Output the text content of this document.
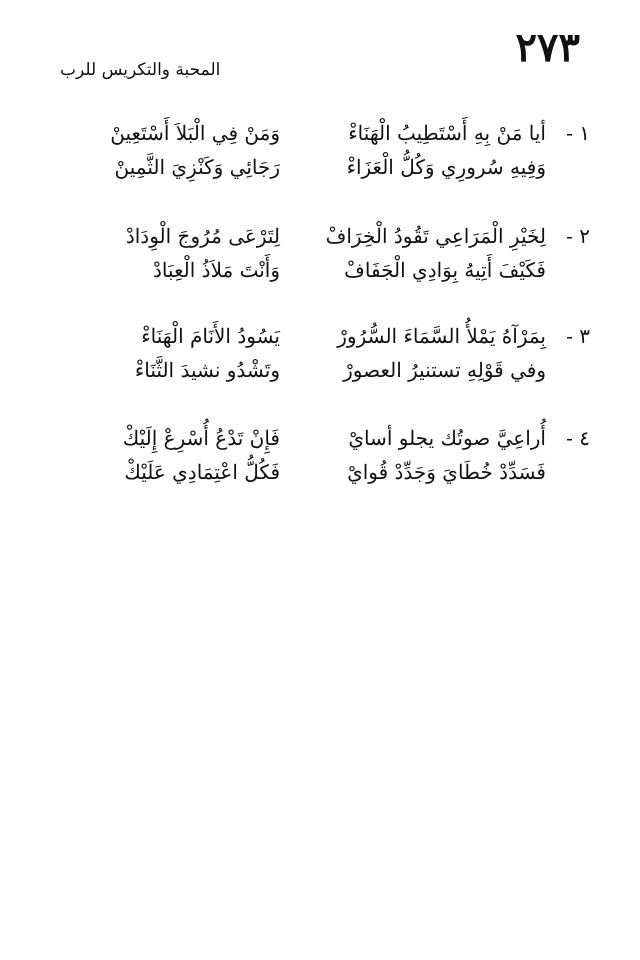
٢٧٣
المحبة والتكريس للرب
١ -
أيا مَنْ بِهِ أَسْتَطِيبُ الْهَنَاءْ
وَمَنْ فِي الْبَلاَ أَسْتَعِينْ
وَفِيهِ سُرورِي وَكُلُّ الْعَزَاءْ
رَجَائِي وَكَنْزِيَ الثَّمِينْ
٢ -
لِخَيْرِ الْمَرَاعِي تَقُودُ الْخِرَافْ
لِتَرْعَى مُرُوجَ الْوِدَادْ
فَكَيْفَ أَتِيهُ بِوَادِي الْجَفَافْ
وَأَنْتَ مَلاَذُ الْعِبَادْ
٣ -
بِمَرْآهُ يَمْلأُ السَّمَاءَ السُّرُورْ
يَسُودُ الأَنَامَ الْهَنَاءْ
وفي قَوْلِهِ تستنيرُ العصورْ
وتَشْدُو نشيدَ الثَّنَاءْ
٤ -
أُراعِيَّ صوتُك يجلو أسايْ
فَإِنْ تَدْعُ أُسْرِعْ إِلَيْكْ
فَسَدِّدْ خُطَايَ وَجَدِّدْ قُوايْ
فَكُلُّ اعْتِمَادِي عَلَيْكْ
